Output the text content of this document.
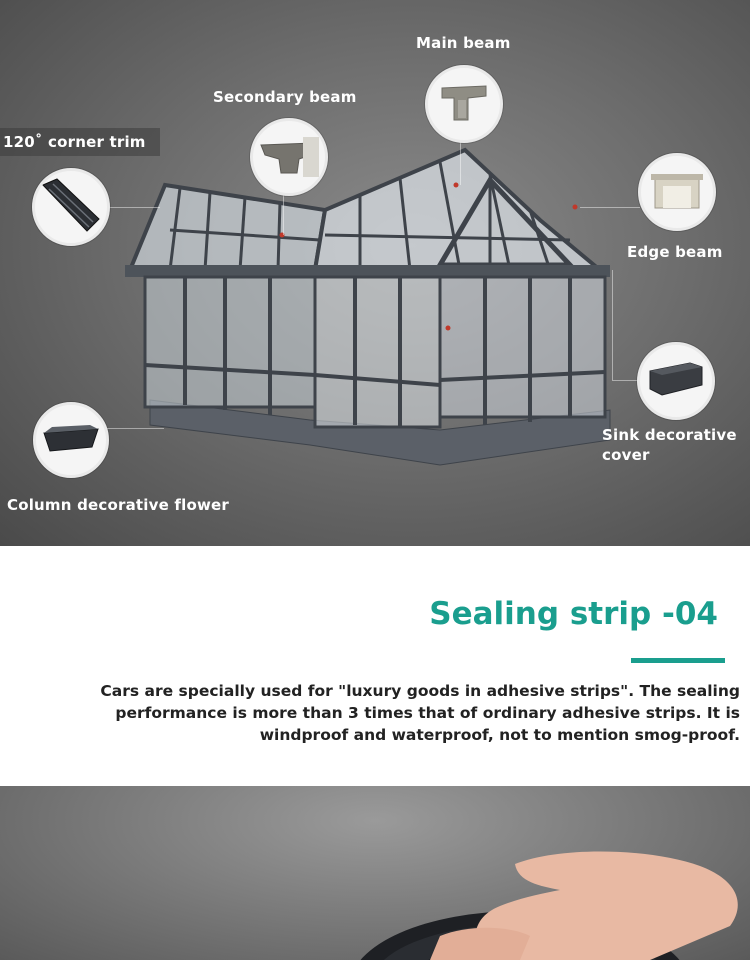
Main beam
Secondary beam
120˚ corner trim
Edge beam
Sink decorative cover
Column decorative flower
Sealing strip -04

Cars are specially used for "luxury goods in adhesive strips". The sealing performance is more than 3 times that of ordinary adhesive strips. It is windproof and waterproof, not to mention smog-proof.
